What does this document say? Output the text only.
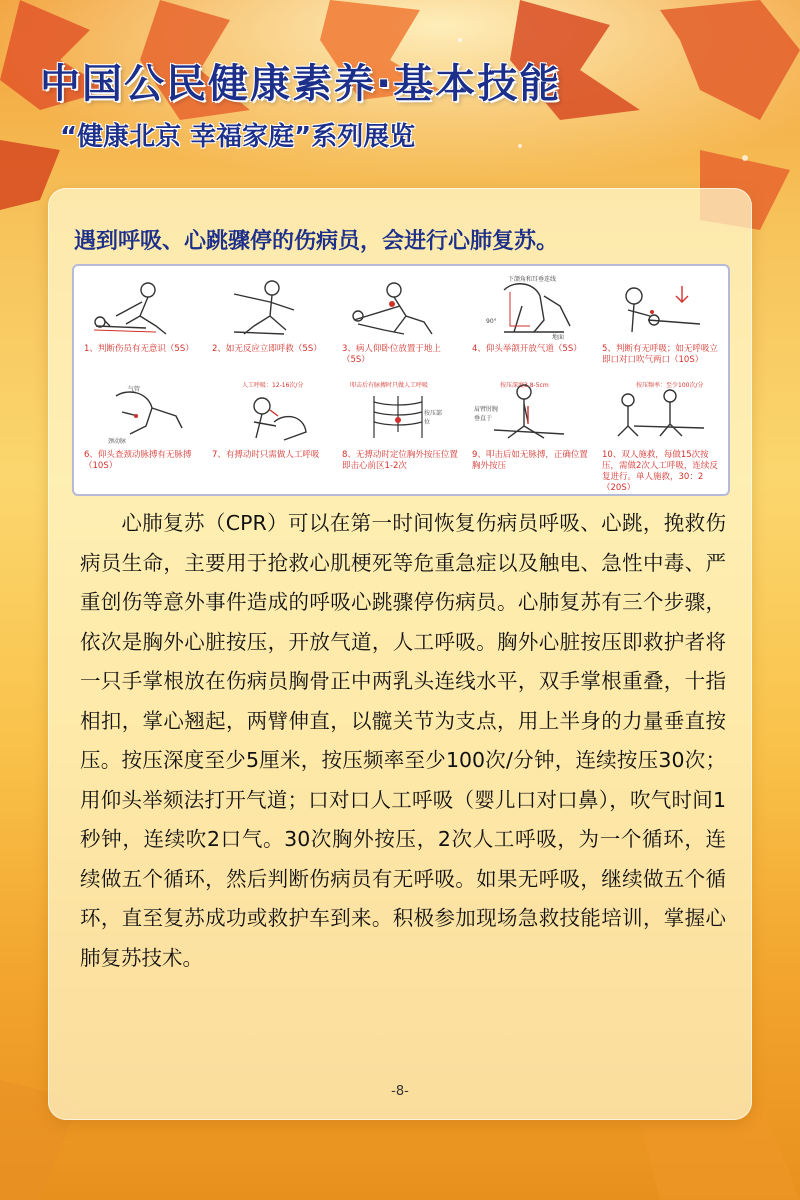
中国公民健康素养·基本技能
“健康北京 幸福家庭”系列展览
遇到呼吸、心跳骤停的伤病员，会进行心肺复苏。
1、判断伤员有无意识（5S）	2、如无反应立即呼救（5S）	3、病人仰卧位放置于地上（5S）
下颌角和耳垂连线
90°
地面
4、仰头举颌开放气道（5S）	5、判断有无呼吸；如无呼吸立即口对口吹气两口（10S）
气管
颈动脉
6、仰头查颈动脉搏有无脉搏（10S）
人工呼吸：12-16次/分
7、有搏动时只需做人工呼吸
叩击后有脉搏时只做人工呼吸
按压部位
8、无搏动时定位胸外按压位置即击心前区1-2次
按压深度3.8-5cm
肩臂肘腕垂直于
9、叩击后如无脉搏，正确位置胸外按压
按压频率：至少100次/分
10、双人施救，每做15次按压，需做2次人工呼吸，连续反复进行。单人施救，30：2（20S）

心肺复苏（CPR）可以在第一时间恢复伤病员呼吸、心跳，挽救伤病员生命，主要用于抢救心肌梗死等危重急症以及触电、急性中毒、严重创伤等意外事件造成的呼吸心跳骤停伤病员。心肺复苏有三个步骤，依次是胸外心脏按压，开放气道，人工呼吸。胸外心脏按压即救护者将一只手掌根放在伤病员胸骨正中两乳头连线水平，双手掌根重叠，十指相扣，掌心翘起，两臂伸直，以髋关节为支点，用上半身的力量垂直按压。按压深度至少5厘米，按压频率至少100次/分钟，连续按压30次；用仰头举颏法打开气道；口对口人工呼吸（婴儿口对口鼻），吹气时间1秒钟，连续吹2口气。30次胸外按压，2次人工呼吸，为一个循环，连续做五个循环，然后判断伤病员有无呼吸。如果无呼吸，继续做五个循环，直至复苏成功或救护车到来。积极参加现场急救技能培训，掌握心肺复苏技术。

-8-
